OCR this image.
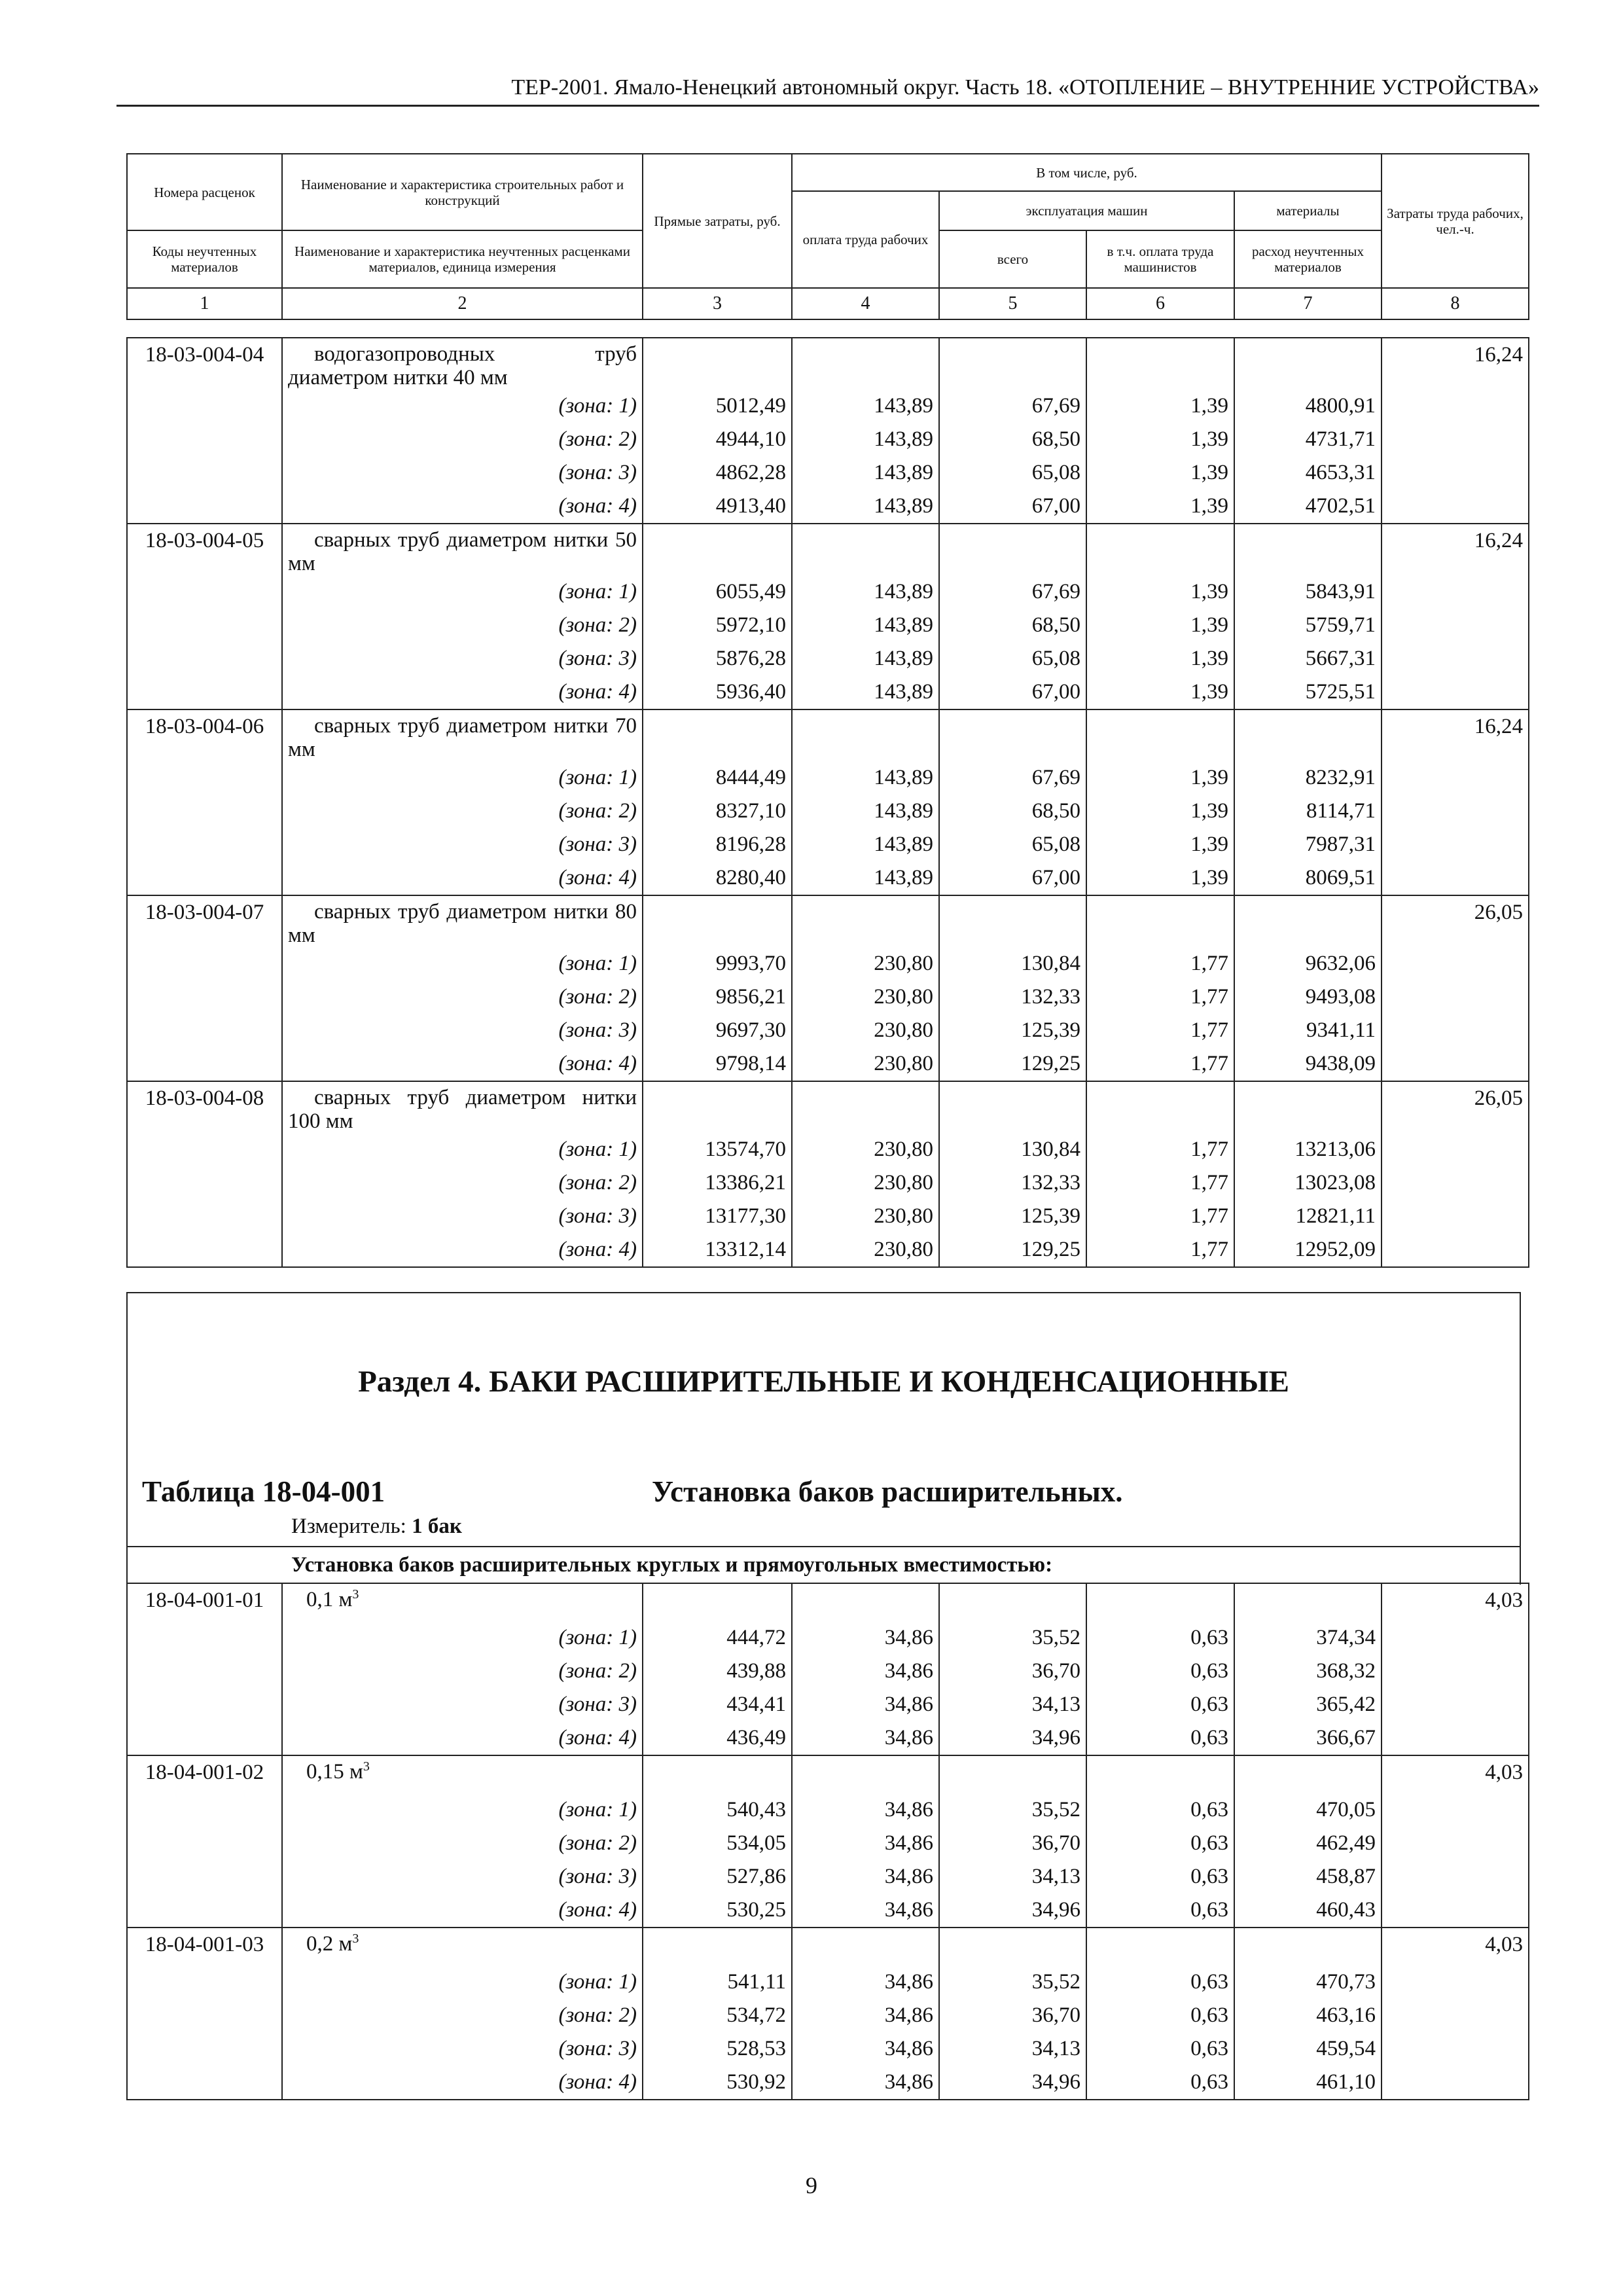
ТЕР-2001. Ямало-Ненецкий автономный округ. Часть 18. «ОТОПЛЕНИЕ – ВНУТРЕННИЕ УСТРОЙСТВА»
Номера расценок	Наименование и характеристика строительных работ и конструкций	Прямые затраты, руб.	В том числе, руб.				Затраты труда рабочих, чел.-ч.
			оплата труда рабочих	эксплуатация машин		материалы	
Коды неучтенных материалов	Наименование и характеристика неучтенных расценками материалов, единица измерения			всего	в т.ч. оплата труда машинистов	расход неучтенных материалов	
1	2	3	4	5	6	7	8
18-03-004-04	водогазопроводных труб диаметром нитки 40 мм						16,24
	(зона: 1)	5012,49	143,89	67,69	1,39	4800,91	
	(зона: 2)	4944,10	143,89	68,50	1,39	4731,71	
	(зона: 3)	4862,28	143,89	65,08	1,39	4653,31	
	(зона: 4)	4913,40	143,89	67,00	1,39	4702,51	
18-03-004-05	сварных труб диаметром нитки 50 мм						16,24
	(зона: 1)	6055,49	143,89	67,69	1,39	5843,91	
	(зона: 2)	5972,10	143,89	68,50	1,39	5759,71	
	(зона: 3)	5876,28	143,89	65,08	1,39	5667,31	
	(зона: 4)	5936,40	143,89	67,00	1,39	5725,51	
18-03-004-06	сварных труб диаметром нитки 70 мм						16,24
	(зона: 1)	8444,49	143,89	67,69	1,39	8232,91	
	(зона: 2)	8327,10	143,89	68,50	1,39	8114,71	
	(зона: 3)	8196,28	143,89	65,08	1,39	7987,31	
	(зона: 4)	8280,40	143,89	67,00	1,39	8069,51	
18-03-004-07	сварных труб диаметром нитки 80 мм						26,05
	(зона: 1)	9993,70	230,80	130,84	1,77	9632,06	
	(зона: 2)	9856,21	230,80	132,33	1,77	9493,08	
	(зона: 3)	9697,30	230,80	125,39	1,77	9341,11	
	(зона: 4)	9798,14	230,80	129,25	1,77	9438,09	
18-03-004-08	сварных труб диаметром нитки 100 мм						26,05
	(зона: 1)	13574,70	230,80	130,84	1,77	13213,06	
	(зона: 2)	13386,21	230,80	132,33	1,77	13023,08	
	(зона: 3)	13177,30	230,80	125,39	1,77	12821,11	
	(зона: 4)	13312,14	230,80	129,25	1,77	12952,09	
Раздел 4. БАКИ РАСШИРИТЕЛЬНЫЕ И КОНДЕНСАЦИОННЫЕ
Таблица 18-04-001	Установка баков расширительных.
Измеритель: 1 бак
Установка баков расширительных круглых и прямоугольных вместимостью:
18-04-001-01	0,1 $м^3$						4,03
	(зона: 1)	444,72	34,86	35,52	0,63	374,34	
	(зона: 2)	439,88	34,86	36,70	0,63	368,32	
	(зона: 3)	434,41	34,86	34,13	0,63	365,42	
	(зона: 4)	436,49	34,86	34,96	0,63	366,67	
18-04-001-02	0,15 $м^3$						4,03
	(зона: 1)	540,43	34,86	35,52	0,63	470,05	
	(зона: 2)	534,05	34,86	36,70	0,63	462,49	
	(зона: 3)	527,86	34,86	34,13	0,63	458,87	
	(зона: 4)	530,25	34,86	34,96	0,63	460,43	
18-04-001-03	0,2 $м^3$						4,03
	(зона: 1)	541,11	34,86	35,52	0,63	470,73	
	(зона: 2)	534,72	34,86	36,70	0,63	463,16	
	(зона: 3)	528,53	34,86	34,13	0,63	459,54	
	(зона: 4)	530,92	34,86	34,96	0,63	461,10	
9
